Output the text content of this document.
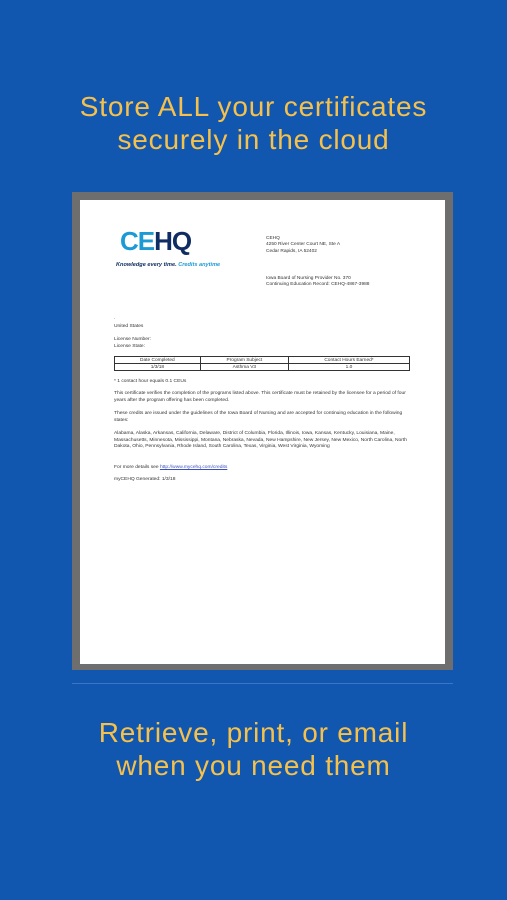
Store ALL your certificates
securely in the cloud
CEHQ
Knowledge every time. Credits anytime
CEHQ
4250 River Center Court NE, Ste A
Cedar Rapids, IA 52402
Iowa Board of Nursing Provider No. 370
Continuing Education Record: CEHQ-4867-3988
.
United States
License Number:
License State:
Date Completed	Program Subject	Contact Hours Earned*
1/3/18	Asthma V3	1.0
* 1 contact hour equals 0.1 CEUs
This certificate verifies the completion of the programs listed above. This certificate must be retained by the licensee for a period of four years after the program offering has been completed.
These credits are issued under the guidelines of the Iowa Board of Nursing and are accepted for continuing education in the following states:
Alabama, Alaska, Arkansas, California, Delaware, District of Columbia, Florida, Illinois, Iowa, Kansas, Kentucky, Louisiana, Maine, Massachusetts, Minnesota, Mississippi, Montana, Nebraska, Nevada, New Hampshire, New Jersey, New Mexico, North Carolina, North Dakota, Ohio, Pennsylvania, Rhode Island, South Carolina, Texas, Virginia, West Virginia, Wyoming
For more details see http://www.mycehq.com/credits
myCEHQ Generated: 1/3/18
Retrieve, print, or email
when you need them
